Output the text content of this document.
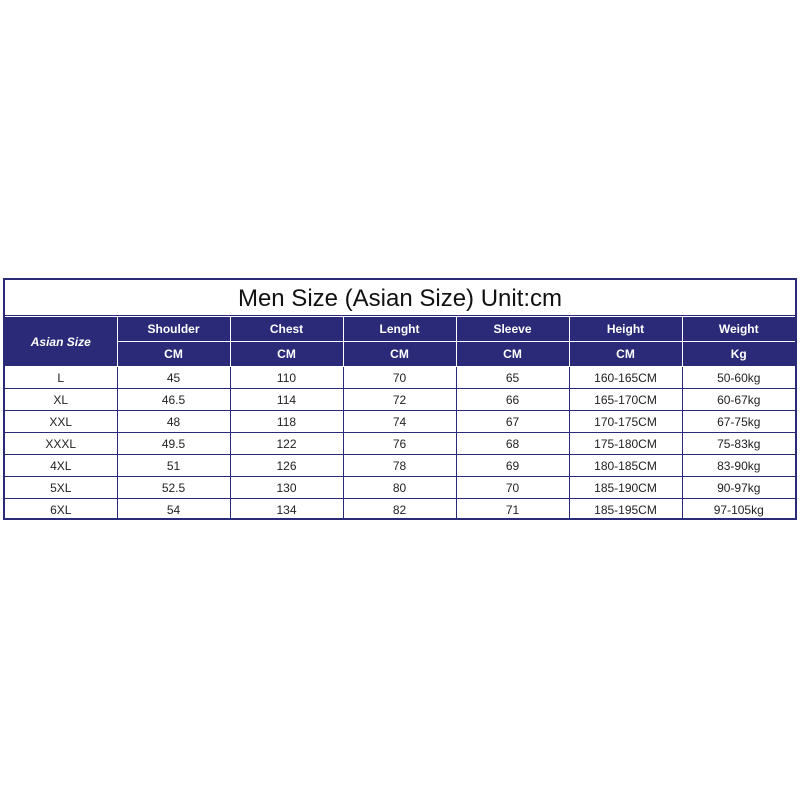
Men Size (Asian Size) Unit:cm
Asian Size	Shoulder	Chest	Lenght	Sleeve	Height	Weight
	CM	CM	CM	CM	CM	Kg
L	45	110	70	65	160-165CM	50-60kg
XL	46.5	114	72	66	165-170CM	60-67kg
XXL	48	118	74	67	170-175CM	67-75kg
XXXL	49.5	122	76	68	175-180CM	75-83kg
4XL	51	126	78	69	180-185CM	83-90kg
5XL	52.5	130	80	70	185-190CM	90-97kg
6XL	54	134	82	71	185-195CM	97-105kg
